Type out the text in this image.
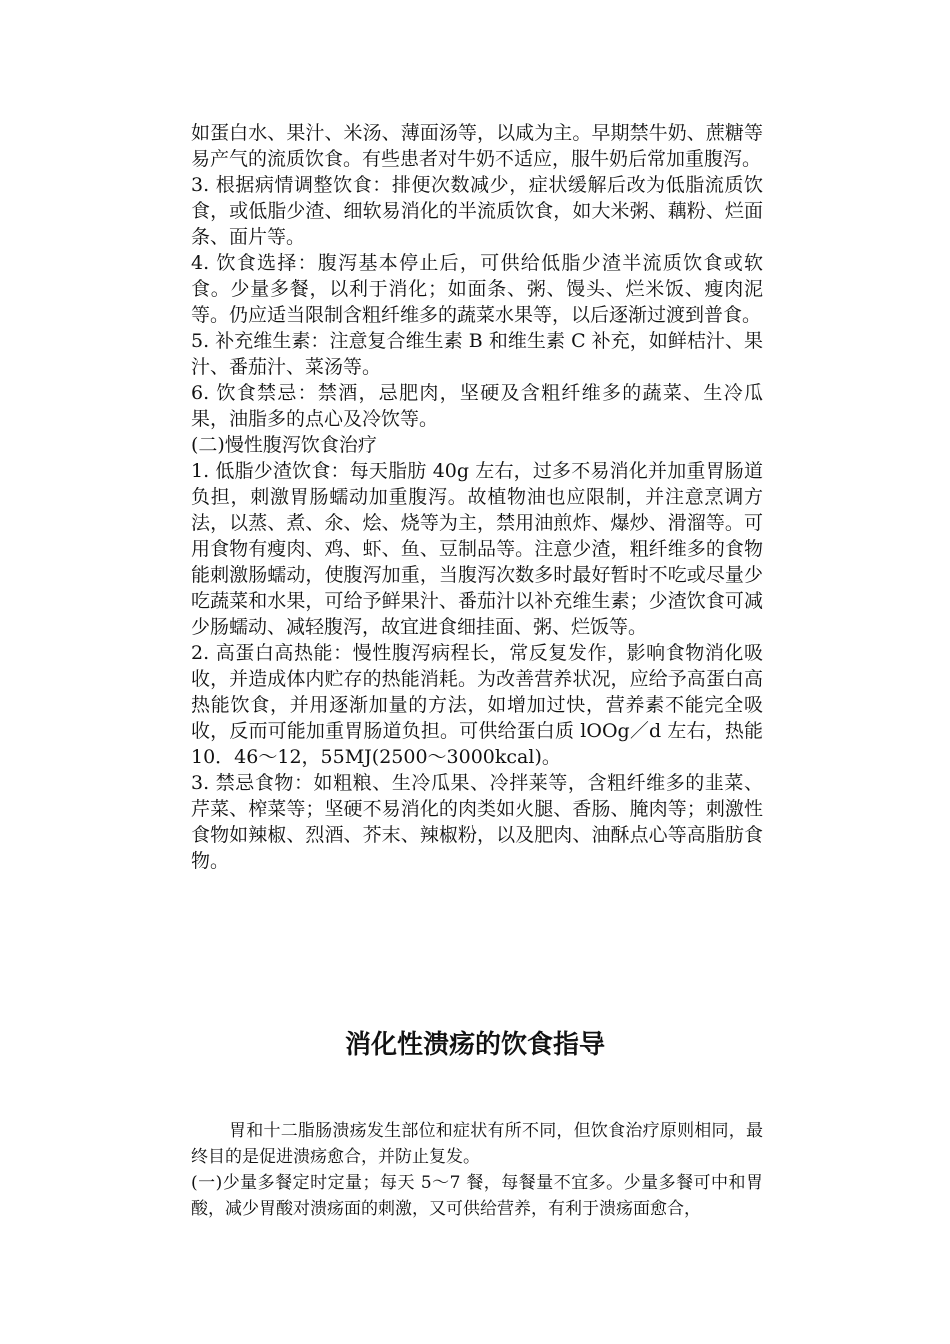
如蛋白水、果汁、米汤、薄面汤等，以咸为主。早期禁牛奶、蔗糖等易产气的流质饮食。有些患者对牛奶不适应，服牛奶后常加重腹泻。

3. 根据病情调整饮食：排便次数减少，症状缓解后改为低脂流质饮食，或低脂少渣、细软易消化的半流质饮食，如大米粥、藕粉、烂面条、面片等。

4. 饮食选择：腹泻基本停止后，可供给低脂少渣半流质饮食或软食。少量多餐，以利于消化；如面条、粥、馒头、烂米饭、瘦肉泥等。仍应适当限制含粗纤维多的蔬菜水果等，以后逐渐过渡到普食。

5. 补充维生素：注意复合维生素 B 和维生素 C 补充，如鲜桔汁、果汁、番茄汁、菜汤等。

6. 饮食禁忌：禁酒，忌肥肉，坚硬及含粗纤维多的蔬菜、生冷瓜果，油脂多的点心及冷饮等。

(二)慢性腹泻饮食治疗

1. 低脂少渣饮食：每天脂肪 40g 左右，过多不易消化并加重胃肠道负担，刺激胃肠蠕动加重腹泻。故植物油也应限制，并注意烹调方法，以蒸、煮、氽、烩、烧等为主，禁用油煎炸、爆炒、滑溜等。可用食物有瘦肉、鸡、虾、鱼、豆制品等。注意少渣，粗纤维多的食物能刺激肠蠕动，使腹泻加重，当腹泻次数多时最好暂时不吃或尽量少吃蔬菜和水果，可给予鲜果汁、番茄汁以补充维生素；少渣饮食可减少肠蠕动、减轻腹泻，故宜进食细挂面、粥、烂饭等。

2. 高蛋白高热能：慢性腹泻病程长，常反复发作，影响食物消化吸收，并造成体内贮存的热能消耗。为改善营养状况，应给予高蛋白高热能饮食，并用逐渐加量的方法，如增加过快，营养素不能完全吸收，反而可能加重胃肠道负担。可供给蛋白质 lOOg／d 左右，热能 10．46～12，55MJ(2500～3000kcal)。

3. 禁忌食物：如粗粮、生冷瓜果、冷拌莱等，含粗纤维多的韭菜、芹菜、榨菜等；坚硬不易消化的肉类如火腿、香肠、腌肉等；刺激性食物如辣椒、烈酒、芥末、辣椒粉，以及肥肉、油酥点心等高脂肪食物。

消化性溃疡的饮食指导

胃和十二脂肠溃疡发生部位和症状有所不同，但饮食治疗原则相同，最终目的是促进溃疡愈合，并防止复发。

(一)少量多餐定时定量；每天 5～7 餐，每餐量不宜多。少量多餐可中和胃酸，减少胃酸对溃疡面的刺激，又可供给营养，有利于溃疡面愈合，
